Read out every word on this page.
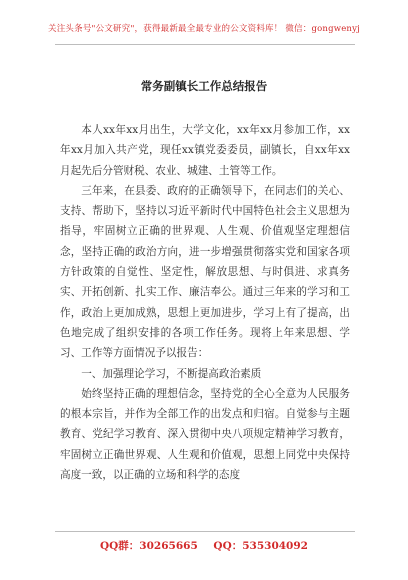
关注头条号"公文研究"，获得最新最全最专业的公文资料库！ 微信：gongwenyj
常务副镇长工作总结报告

本人xx年xx月出生，大学文化，xx年xx月参加工作，xx年xx月加入共产党，现任xx镇党委委员，副镇长，自xx年xx月起先后分管财税、农业、城建、土管等工作。

三年来，在县委、政府的正确领导下，在同志们的关心、支持、帮助下，坚持以习近平新时代中国特色社会主义思想为指导，牢固树立正确的世界观、人生观、价值观坚定理想信念，坚持正确的政治方向，进一步增强贯彻落实党和国家各项方针政策的自觉性、坚定性，解放思想、与时俱进、求真务实、开拓创新、扎实工作、廉洁奉公。通过三年来的学习和工作，政治上更加成熟，思想上更加进步，学习上有了提高，出色地完成了组织安排的各项工作任务。现将上年来思想、学习、工作等方面情况予以报告：

一、加强理论学习，不断提高政治素质

始终坚持正确的理想信念，坚持党的全心全意为人民服务的根本宗旨，并作为全部工作的出发点和归宿。自觉参与主题教育、党纪学习教育、深入贯彻中央八项规定精神学习教育，牢固树立正确世界观、人生观和价值观，思想上同党中央保持高度一致，以正确的立场和科学的态度

QQ群：30265665 QQ：535304092
